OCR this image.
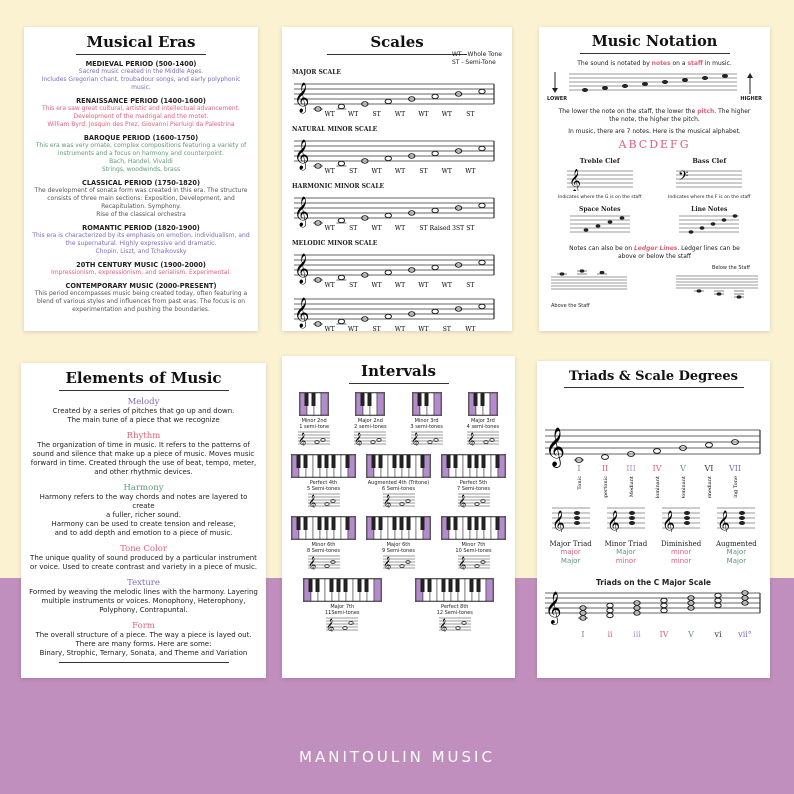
Musical Eras
MEDIEVAL PERIOD (500-1400)
Sacred music created in the Middle Ages.
Includes Gregorian chant, troubadour songs, and early polyphonic
music.
RENAISSANCE PERIOD (1400-1600)
This era saw great cultural, artistic and intellectual advancement.
Development of the madrigal and the motet.
William Byrd, Josquin des Prez, Giovanni Pierluigi da Palestrina
BAROQUE PERIOD (1600-1750)
This era was very ornate, complex compositions featuring a variety of
instruments and a focus on harmony and counterpoint.
Bach, Handel, Vivaldi
Strings, woodwinds, brass
CLASSICAL PERIOD (1750-1820)
The development of sonata form was created in this era. The structure
consists of three main sections: Exposition, Development, and
Recapitulation. Symphony.
Rise of the classical orchestra
ROMANTIC PERIOD (1820-1900)
This era is characterized by its emphasis on emotion, individualism, and
the supernatural. Highly expressive and dramatic.
Chopin, Liszt, and Tchaikovsky
20TH CENTURY MUSIC (1900-2000)
Impressionism, expressionism, and serialism. Experimental.
CONTEMPORARY MUSIC (2000-PRESENT)
This period encompasses music being created today, often featuring a
blend of various styles and influences from past eras. The focus is on
experimentation and pushing the boundaries.
Scales
WT - Whole Tone
ST - Semi-Tone
MAJOR SCALE
𝄞
WT WT ST WT WT WT ST
NATURAL MINOR SCALE
𝄞
WT ST WT WT ST WT WT
HARMONIC MINOR SCALE
𝄞
WT ST WT WT ST Raised 3ST ST
MELODIC MINOR SCALE
𝄞
WT ST WT WT WT WT ST
𝄞
WT WT ST WT WT ST WT
Music Notation
The sound is notated by notes on a staff in music.
LOWER	HIGHER
The lower the note on the staff, the lower the pitch. The higher
the note, the higher the pitch.
In music, there are 7 notes. Here is the musical alphabet.
ABCDEFG
Treble Clef
𝄞
Indicates where the G is on the staff
Bass Clef
𝄢
Indicates where the F is on the staff
Space Notes	Line Notes
Notes can also be on Ledger Lines. Ledger lines can be
above or below the staff
Below the Staff
Above the Staff
Elements of Music
Melody
Created by a series of pitches that go up and down.
The main tune of a piece that we recognize
Rhythm
The organization of time in music. It refers to the patterns of
sound and silence that make up a piece of music. Moves music
forward in time. Created through the use of beat, tempo, meter,
and other rhythmic devices.
Harmony
Harmony refers to the way chords and notes are layered to create
a fuller, richer sound.
Harmony can be used to create tension and release,
and to add depth and emotion to a piece of music.
Tone Color
The unique quality of sound produced by a particular instrument
or voice. Used to create contrast and variety in a piece of music.
Texture
Formed by weaving the melodic lines with the harmony. Layering
multiple instruments or voices. Monophony, Heterophony,
Polyphony, Contrapuntal.
Form
The overall structure of a piece. The way a piece is layed out.
There are many forms. Here are some:
Binary, Strophic, Ternary, Sonata, and Theme and Variation
Intervals
Minor 2nd
1 semi-tone
𝄞
Major 2nd
2 semi-tones
𝄞
Minor 3rd
3 semi-tones
𝄞
Major 3rd
4 semi-tones
𝄞
Perfect 4th
5 Semi-tones
𝄞
Augmented 4th (Tritone)
6 Semi-tones
𝄞
Perfect 5th
7 Semi-tones
𝄞
Minor 6th
8 Semi-tones
𝄞
Major 6th
9 Semi-tones
𝄞
Minor 7th
10 Semi-tones
𝄞
Major 7th
11Semi-tones
𝄞
Perfect 8th
12 Semi-tones
𝄞
Triads & Scale Degrees
𝄞
I
Tonic
II
Supertonic
III
Mediant
IV
Subdominant
V
Dominant
VI
Submediant
VII
Leading Tone
𝄞
Major Triad
major
Major
𝄞
Minor Triad
Major
minor
𝄞
Diminished
minor
minor
𝄞
Augmented
Major
Major
Triads on the C Major Scale
𝄞
I	ii	iii IV V	vi vii°
MANITOULIN MUSIC
